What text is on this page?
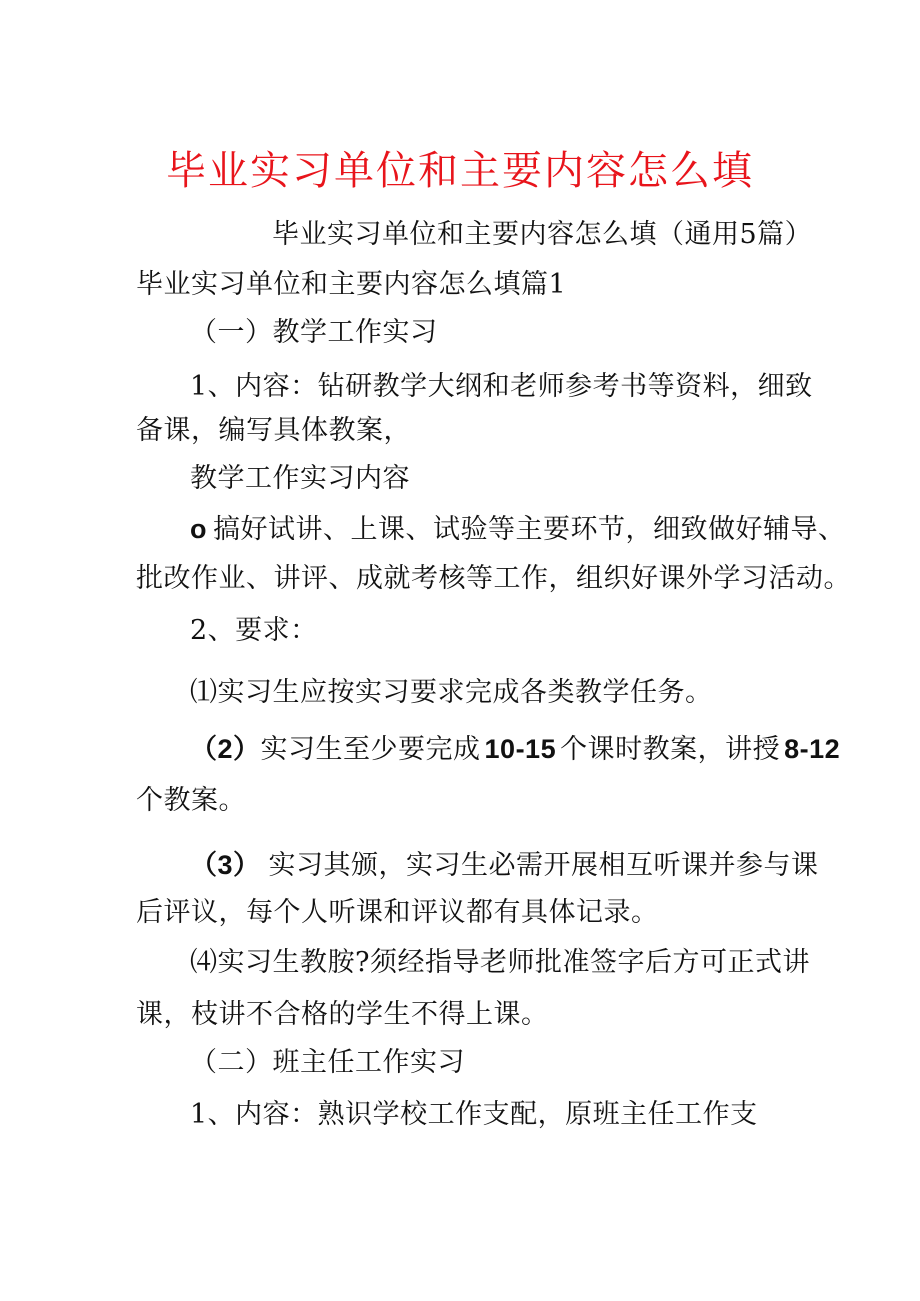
毕业实习单位和主要内容怎么填
毕业实习单位和主要内容怎么填（通用5篇）
毕业实习单位和主要内容怎么填篇1
（一）教学工作实习
1、内容：钻研教学大纲和老师参考书等资料，细致
备课，编写具体教案，
教学工作实习内容
o 搞好试讲、上课、试验等主要环节，细致做好辅导、
批改作业、讲评、成就考核等工作，组织好课外学习活动。
2、要求：
⑴实习生应按实习要求完成各类教学任务。
（2）实习生至少要完成 10-15 个课时教案，讲授 8-12
个教案。
（3） 实习其颁，实习生必需开展相互听课并参与课
后评议，每个人听课和评议都有具体记录。
⑷实习生教胺?须经指导老师批准签字后方可正式讲
课，枝讲不合格的学生不得上课。
（二）班主任工作实习
1、内容：熟识学校工作支配，原班主任工作支
